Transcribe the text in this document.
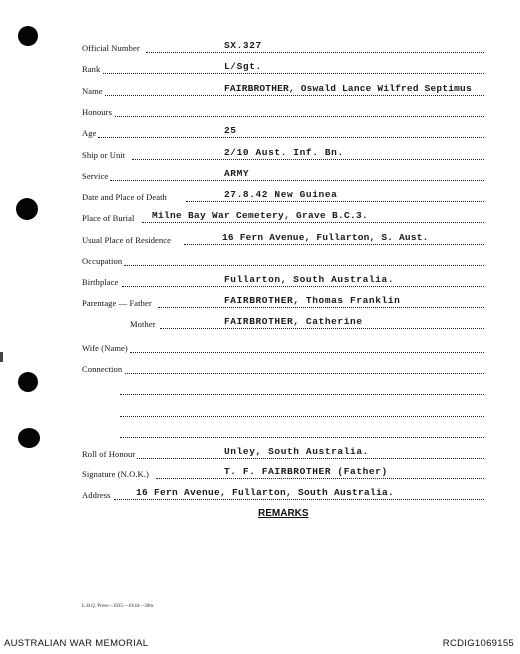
Official Number	SX.327
Rank	L/Sgt.
Name	FAIRBROTHER, Oswald Lance Wilfred Septimus
Honours
Age	25
Ship or Unit	2/10 Aust. Inf. Bn.
Service	ARMY
Date and Place of Death	27.8.42 New Guinea
Place of Burial Milne Bay War Cemetery, Grave B.C.3.
Usual Place of Residence	16 Fern Avenue, Fullarton, S. Aust.
Occupation
Birthplace	Fullarton, South Australia.
Parentage — Father	FAIRBROTHER, Thomas Franklin
Mother	FAIRBROTHER, Catherine
Wife (Name)
Connection
Roll of Honour	Unley, South Australia.
Signature (N.O.K.)	T. F. FAIRBROTHER (Father)
Address	16 Fern Avenue, Fullarton, South Australia.
REMARKS
L.H.Q. Press—1035—10/44—30m.
AUSTRALIAN WAR MEMORIAL	RCDIG1069155
